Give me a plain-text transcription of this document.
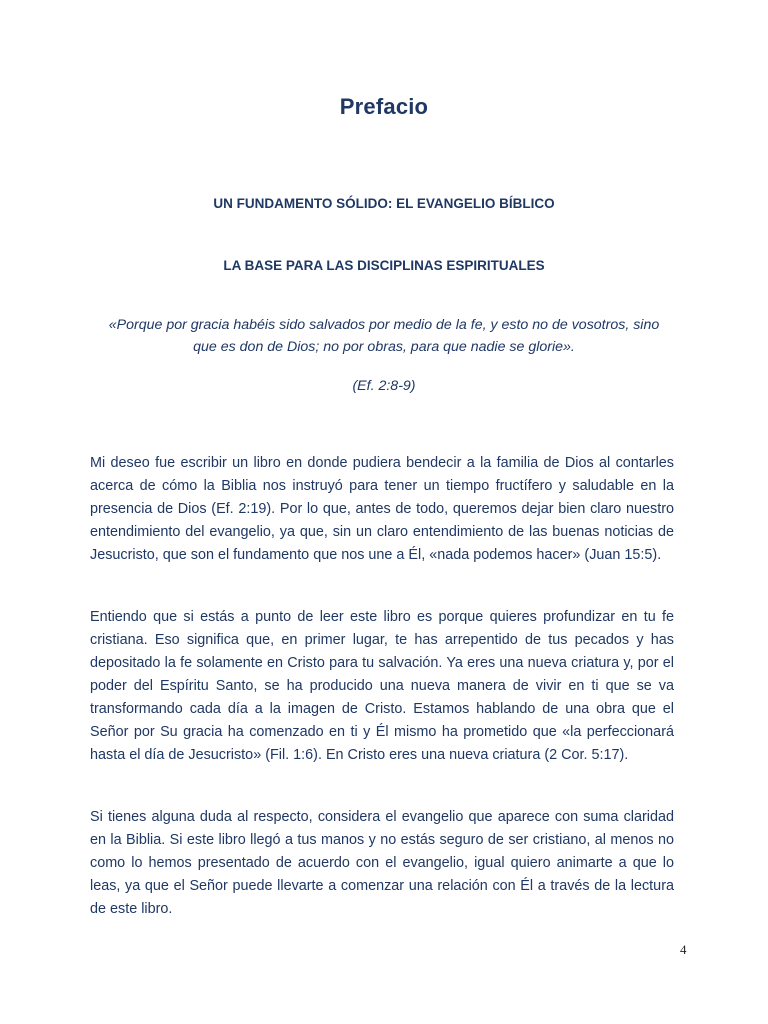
Prefacio
UN FUNDAMENTO SÓLIDO: EL EVANGELIO BÍBLICO
LA BASE PARA LAS DISCIPLINAS ESPIRITUALES
«Porque por gracia habéis sido salvados por medio de la fe, y esto no de vosotros, sino que es don de Dios; no por obras, para que nadie se glorie».
(Ef. 2:8-9)
Mi deseo fue escribir un libro en donde pudiera bendecir a la familia de Dios al contarles acerca de cómo la Biblia nos instruyó para tener un tiempo fructífero y saludable en la presencia de Dios (Ef. 2:19). Por lo que, antes de todo, queremos dejar bien claro nuestro entendimiento del evangelio, ya que, sin un claro entendimiento de las buenas noticias de Jesucristo, que son el fundamento que nos une a Él, «nada podemos hacer» (Juan 15:5).
Entiendo que si estás a punto de leer este libro es porque quieres profundizar en tu fe cristiana. Eso significa que, en primer lugar, te has arrepentido de tus pecados y has depositado la fe solamente en Cristo para tu salvación. Ya eres una nueva criatura y, por el poder del Espíritu Santo, se ha producido una nueva manera de vivir en ti que se va transformando cada día a la imagen de Cristo. Estamos hablando de una obra que el Señor por Su gracia ha comenzado en ti y Él mismo ha prometido que «la perfeccionará hasta el día de Jesucristo» (Fil. 1:6). En Cristo eres una nueva criatura (2 Cor. 5:17).
Si tienes alguna duda al respecto, considera el evangelio que aparece con suma claridad en la Biblia. Si este libro llegó a tus manos y no estás seguro de ser cristiano, al menos no como lo hemos presentado de acuerdo con el evangelio, igual quiero animarte a que lo leas, ya que el Señor puede llevarte a comenzar una relación con Él a través de la lectura de este libro.
4
